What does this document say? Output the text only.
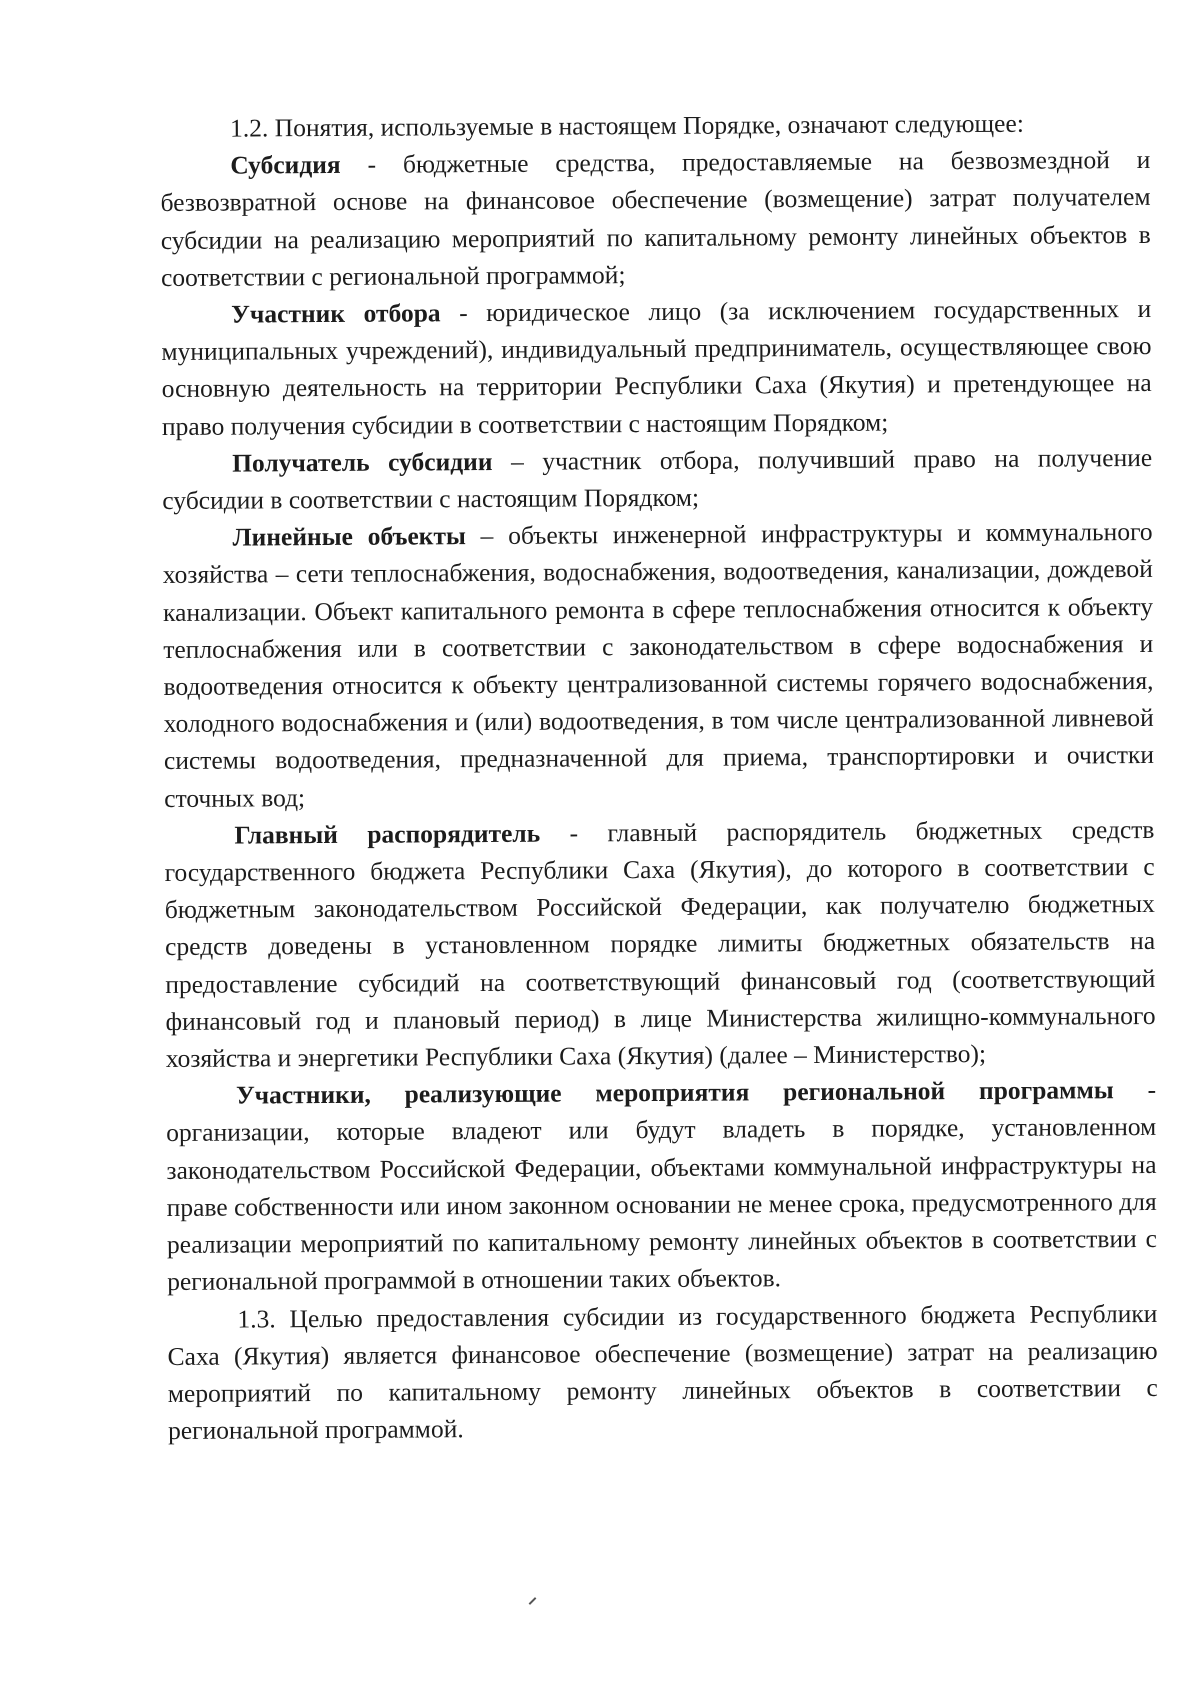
1.2. Понятия, используемые в настоящем Порядке, означают следующее:

Субсидия - бюджетные средства, предоставляемые на безвозмездной и безвозвратной основе на финансовое обеспечение (возмещение) затрат получателем субсидии на реализацию мероприятий по капитальному ремонту линейных объектов в соответствии с региональной программой;

Участник отбора - юридическое лицо (за исключением государственных и муниципальных учреждений), индивидуальный предприниматель, осуществляющее свою основную деятельность на территории Республики Саха (Якутия) и претендующее на право получения субсидии в соответствии с настоящим Порядком;

Получатель субсидии – участник отбора, получивший право на получение субсидии в соответствии с настоящим Порядком;

Линейные объекты – объекты инженерной инфраструктуры и коммунального хозяйства – сети теплоснабжения, водоснабжения, водоотведения, канализации, дождевой канализации. Объект капитального ремонта в сфере теплоснабжения относится к объекту теплоснабжения или в соответствии с законодательством в сфере водоснабжения и водоотведения относится к объекту централизованной системы горячего водоснабжения, холодного водоснабжения и (или) водоотведения, в том числе централизованной ливневой системы водоотведения, предназначенной для приема, транспортировки и очистки сточных вод;

Главный распорядитель - главный распорядитель бюджетных средств государственного бюджета Республики Саха (Якутия), до которого в соответствии с бюджетным законодательством Российской Федерации, как получателю бюджетных средств доведены в установленном порядке лимиты бюджетных обязательств на предоставление субсидий на соответствующий финансовый год (соответствующий финансовый год и плановый период) в лице Министерства жилищно-коммунального хозяйства и энергетики Республики Саха (Якутия) (далее – Министерство);

Участники, реализующие мероприятия региональной программы - организации, которые владеют или будут владеть в порядке, установленном законодательством Российской Федерации, объектами коммунальной инфраструктуры на праве собственности или ином законном основании не менее срока, предусмотренного для реализации мероприятий по капитальному ремонту линейных объектов в соответствии с региональной программой в отношении таких объектов.

1.3. Целью предоставления субсидии из государственного бюджета Республики Саха (Якутия) является финансовое обеспечение (возмещение) затрат на реализацию мероприятий по капитальному ремонту линейных объектов в соответствии с региональной программой.
